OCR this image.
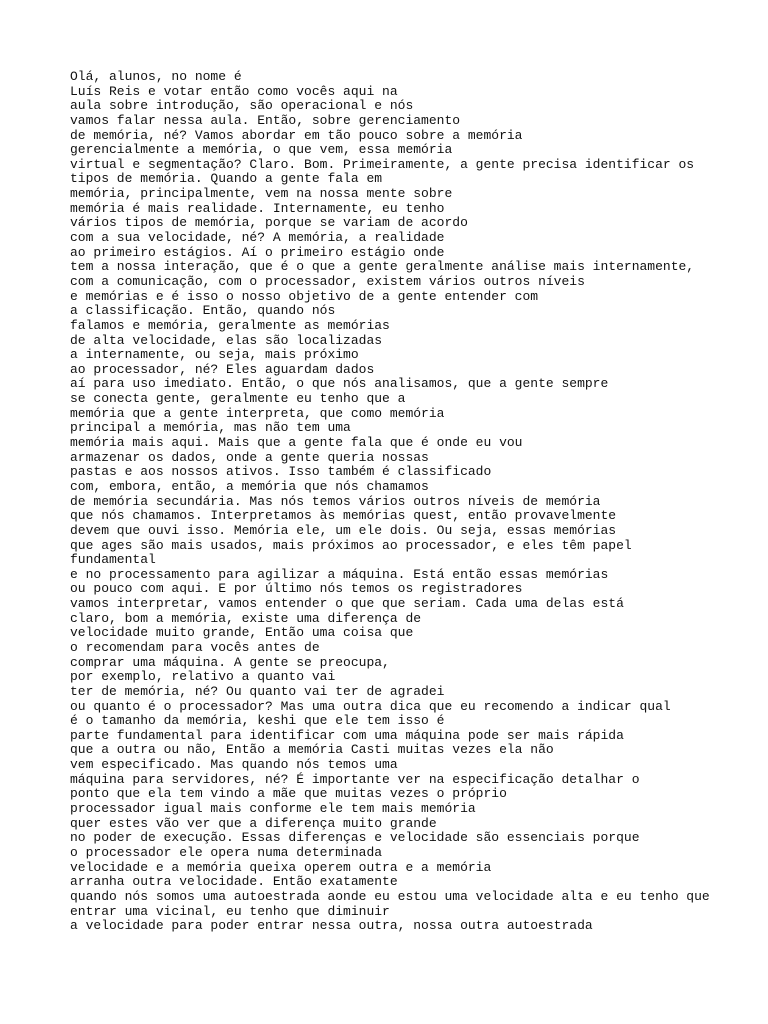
Olá, alunos, no nome é
Luís Reis e votar então como vocês aqui na
aula sobre introdução, são operacional e nós
vamos falar nessa aula. Então, sobre gerenciamento
de memória, né? Vamos abordar em tão pouco sobre a memória
gerencialmente a memória, o que vem, essa memória
virtual e segmentação? Claro. Bom. Primeiramente, a gente precisa identificar os
tipos de memória. Quando a gente fala em
memória, principalmente, vem na nossa mente sobre
memória é mais realidade. Internamente, eu tenho
vários tipos de memória, porque se variam de acordo
com a sua velocidade, né? A memória, a realidade
ao primeiro estágios. Aí o primeiro estágio onde
tem a nossa interação, que é o que a gente geralmente análise mais internamente,
com a comunicação, com o processador, existem vários outros níveis
e memórias e é isso o nosso objetivo de a gente entender com
a classificação. Então, quando nós
falamos e memória, geralmente as memórias
de alta velocidade, elas são localizadas
a internamente, ou seja, mais próximo
ao processador, né? Eles aguardam dados
aí para uso imediato. Então, o que nós analisamos, que a gente sempre
se conecta gente, geralmente eu tenho que a
memória que a gente interpreta, que como memória
principal a memória, mas não tem uma
memória mais aqui. Mais que a gente fala que é onde eu vou
armazenar os dados, onde a gente queria nossas
pastas e aos nossos ativos. Isso também é classificado
com, embora, então, a memória que nós chamamos
de memória secundária. Mas nós temos vários outros níveis de memória
que nós chamamos. Interpretamos às memórias quest, então provavelmente
devem que ouvi isso. Memória ele, um ele dois. Ou seja, essas memórias
que ages são mais usados, mais próximos ao processador, e eles têm papel
fundamental
e no processamento para agilizar a máquina. Está então essas memórias
ou pouco com aqui. E por último nós temos os registradores
vamos interpretar, vamos entender o que que seriam. Cada uma delas está
claro, bom a memória, existe uma diferença de
velocidade muito grande, Então uma coisa que
o recomendam para vocês antes de
comprar uma máquina. A gente se preocupa,
por exemplo, relativo a quanto vai
ter de memória, né? Ou quanto vai ter de agradei
ou quanto é o processador? Mas uma outra dica que eu recomendo a indicar qual
é o tamanho da memória, keshi que ele tem isso é
parte fundamental para identificar com uma máquina pode ser mais rápida
que a outra ou não, Então a memória Casti muitas vezes ela não
vem especificado. Mas quando nós temos uma
máquina para servidores, né? É importante ver na especificação detalhar o
ponto que ela tem vindo a mãe que muitas vezes o próprio
processador igual mais conforme ele tem mais memória
quer estes vão ver que a diferença muito grande
no poder de execução. Essas diferenças e velocidade são essenciais porque
o processador ele opera numa determinada
velocidade e a memória queixa operem outra e a memória
arranha outra velocidade. Então exatamente
quando nós somos uma autoestrada aonde eu estou uma velocidade alta e eu tenho que
entrar uma vicinal, eu tenho que diminuir
a velocidade para poder entrar nessa outra, nossa outra autoestrada
